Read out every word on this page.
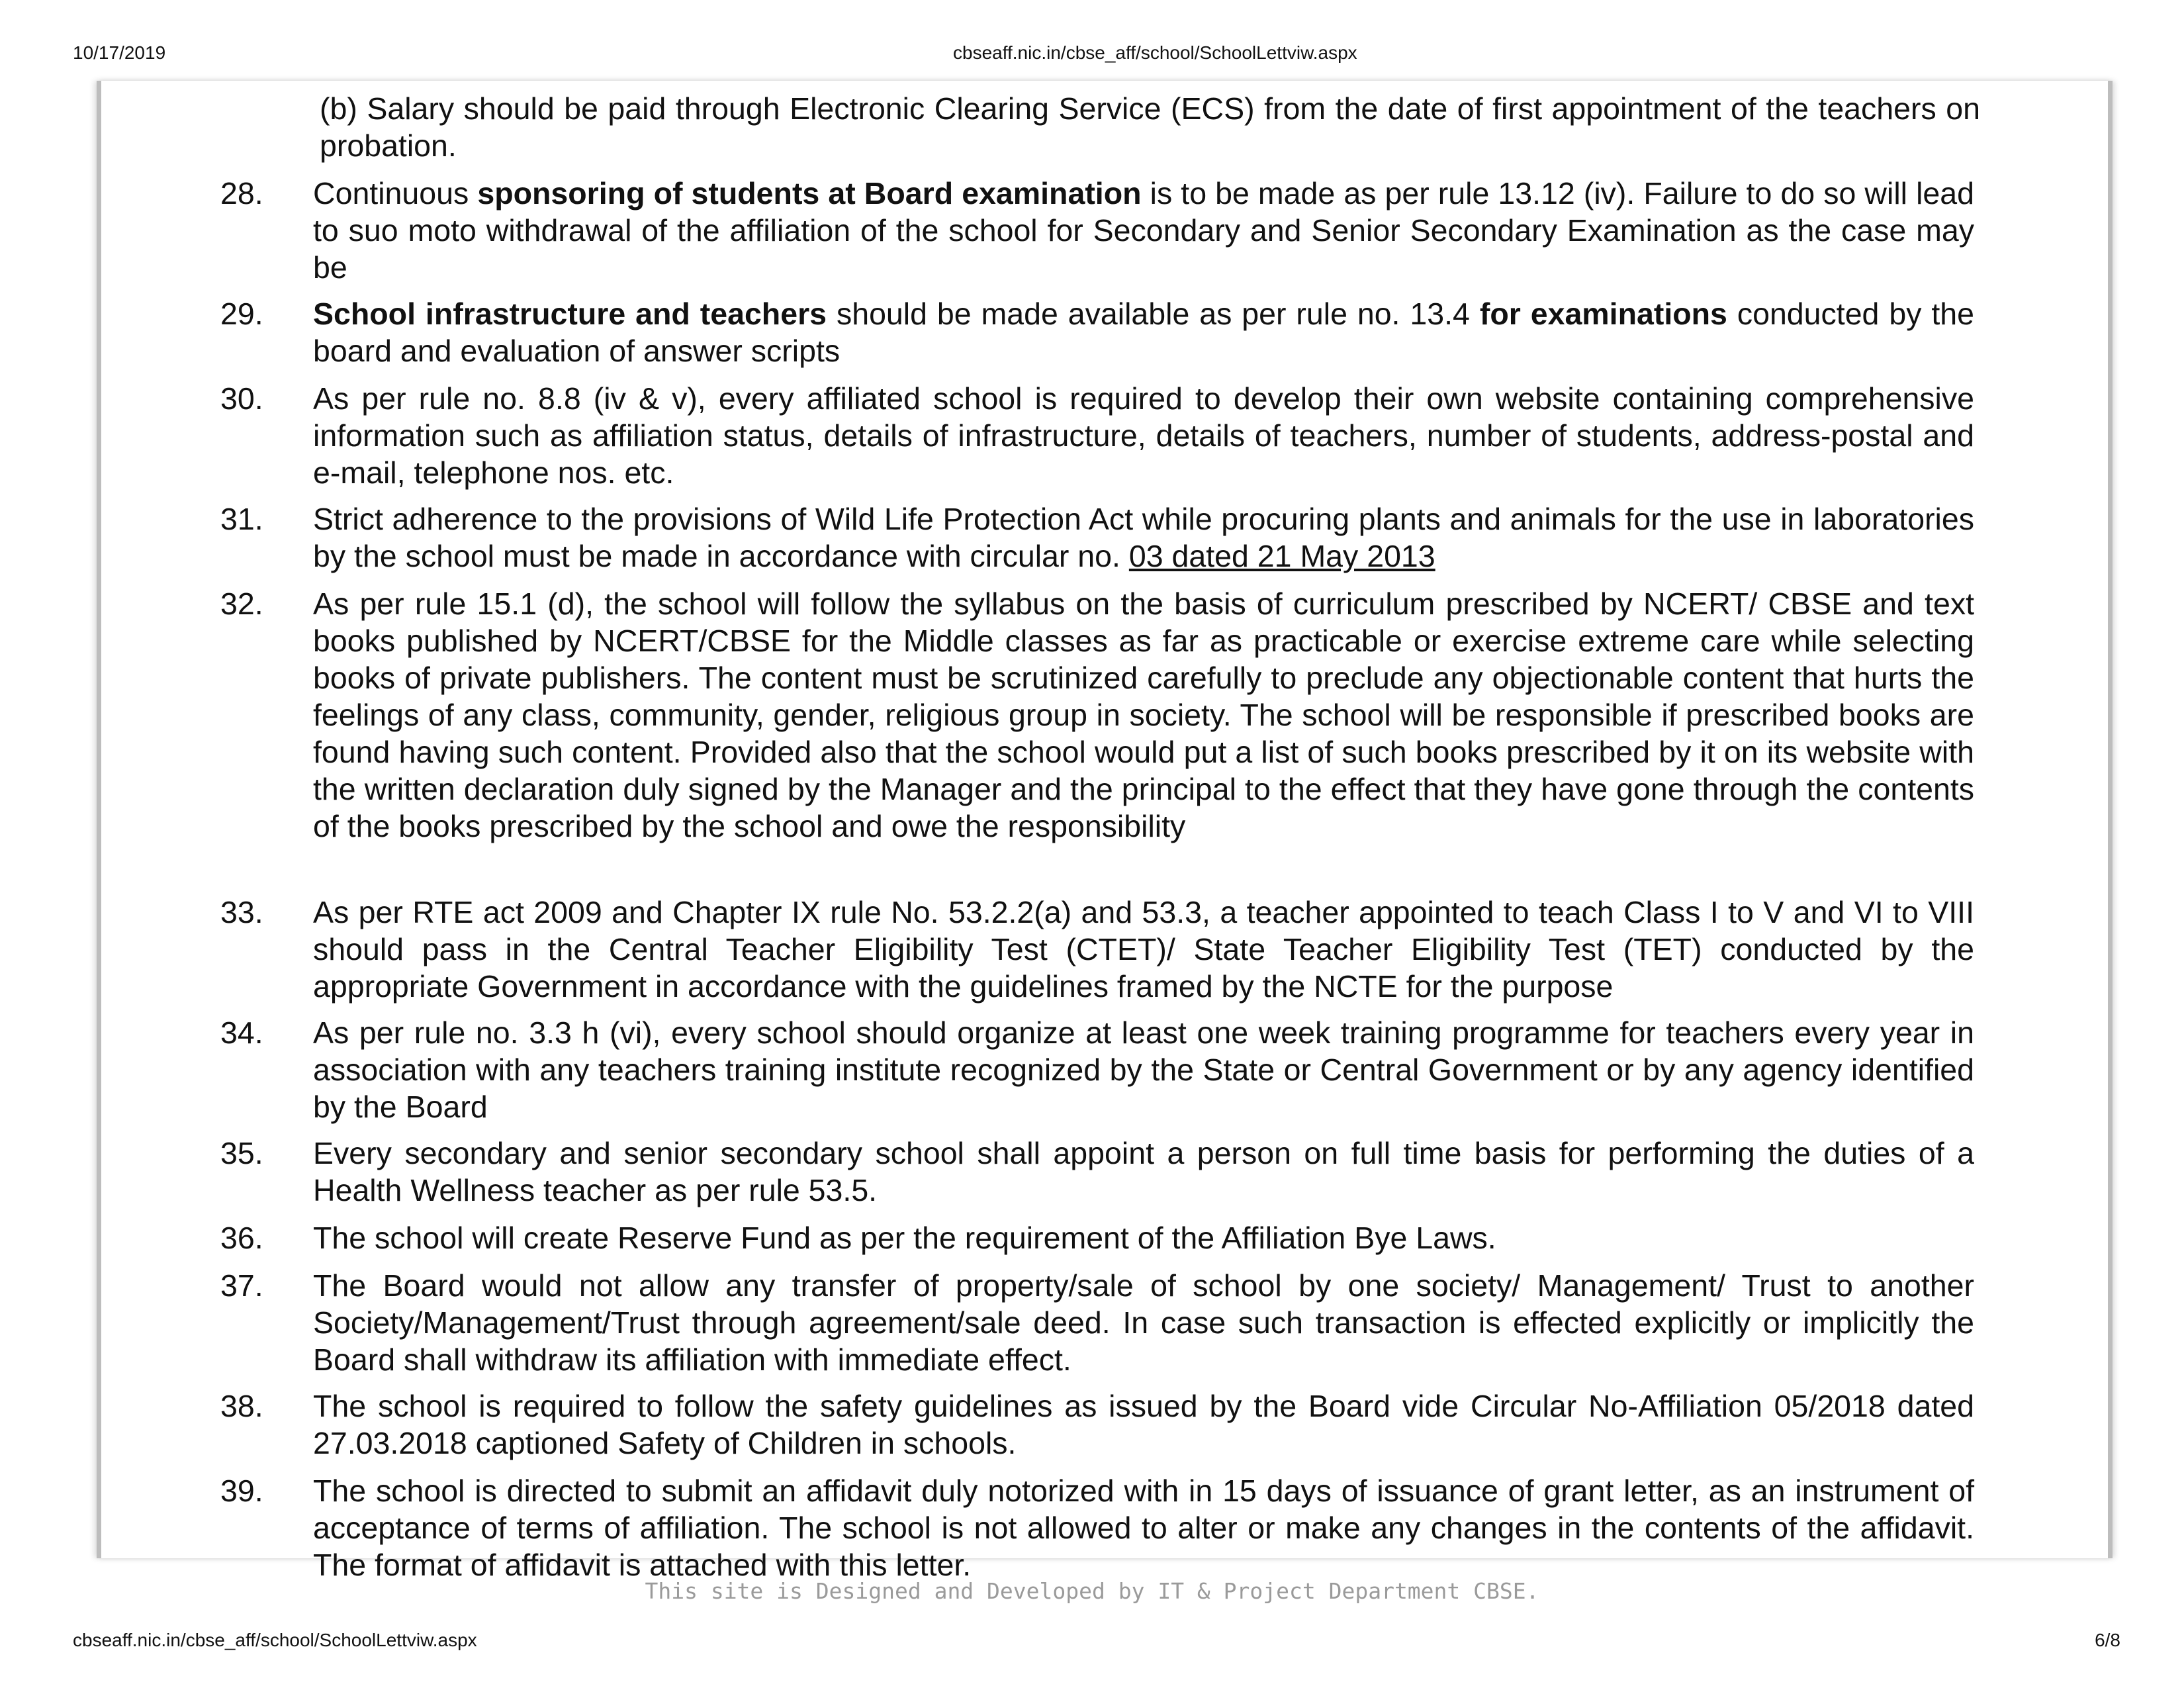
10/17/2019	cbseaff.nic.in/cbse_aff/school/SchoolLettviw.aspx
(b) Salary should be paid through Electronic Clearing Service (ECS) from the date of first appointment of the teachers on probation.
28.	Continuous sponsoring of students at Board examination is to be made as per rule 13.12 (iv). Failure to do so will lead to suo moto withdrawal of the affiliation of the school for Secondary and Senior Secondary Examination as the case may be
29.	School infrastructure and teachers should be made available as per rule no. 13.4 for examinations conducted by the board and evaluation of answer scripts
30.	As per rule no. 8.8 (iv & v), every affiliated school is required to develop their own website containing comprehensive information such as affiliation status, details of infrastructure, details of teachers, number of students, address-postal and e-mail, telephone nos. etc.
31.	Strict adherence to the provisions of Wild Life Protection Act while procuring plants and animals for the use in laboratories by the school must be made in accordance with circular no. 03 dated 21 May 2013
32.	As per rule 15.1 (d), the school will follow the syllabus on the basis of curriculum prescribed by NCERT/ CBSE and text books published by NCERT/CBSE for the Middle classes as far as practicable or exercise extreme care while selecting books of private publishers. The content must be scrutinized carefully to preclude any objectionable content that hurts the feelings of any class, community, gender, religious group in society. The school will be responsible if prescribed books are found having such content. Provided also that the school would put a list of such books prescribed by it on its website with the written declaration duly signed by the Manager and the principal to the effect that they have gone through the contents of the books prescribed by the school and owe the responsibility
33.	As per RTE act 2009 and Chapter IX rule No. 53.2.2(a) and 53.3, a teacher appointed to teach Class I to V and VI to VIII should pass in the Central Teacher Eligibility Test (CTET)/ State Teacher Eligibility Test (TET) conducted by the appropriate Government in accordance with the guidelines framed by the NCTE for the purpose
34.	As per rule no. 3.3 h (vi), every school should organize at least one week training programme for teachers every year in association with any teachers training institute recognized by the State or Central Government or by any agency identified by the Board
35.	Every secondary and senior secondary school shall appoint a person on full time basis for performing the duties of a Health Wellness teacher as per rule 53.5.
36.	The school will create Reserve Fund as per the requirement of the Affiliation Bye Laws.
37.	The Board would not allow any transfer of property/sale of school by one society/ Management/ Trust to another Society/Management/Trust through agreement/sale deed. In case such transaction is effected explicitly or implicitly the Board shall withdraw its affiliation with immediate effect.
38.	The school is required to follow the safety guidelines as issued by the Board vide Circular No-Affiliation 05/2018 dated 27.03.2018 captioned Safety of Children in schools.
39.	The school is directed to submit an affidavit duly notorized with in 15 days of issuance of grant letter, as an instrument of acceptance of terms of affiliation. The school is not allowed to alter or make any changes in the contents of the affidavit. The format of affidavit is attached with this letter.
This site is Designed and Developed by IT & Project Department CBSE.
cbseaff.nic.in/cbse_aff/school/SchoolLettviw.aspx	6/8
